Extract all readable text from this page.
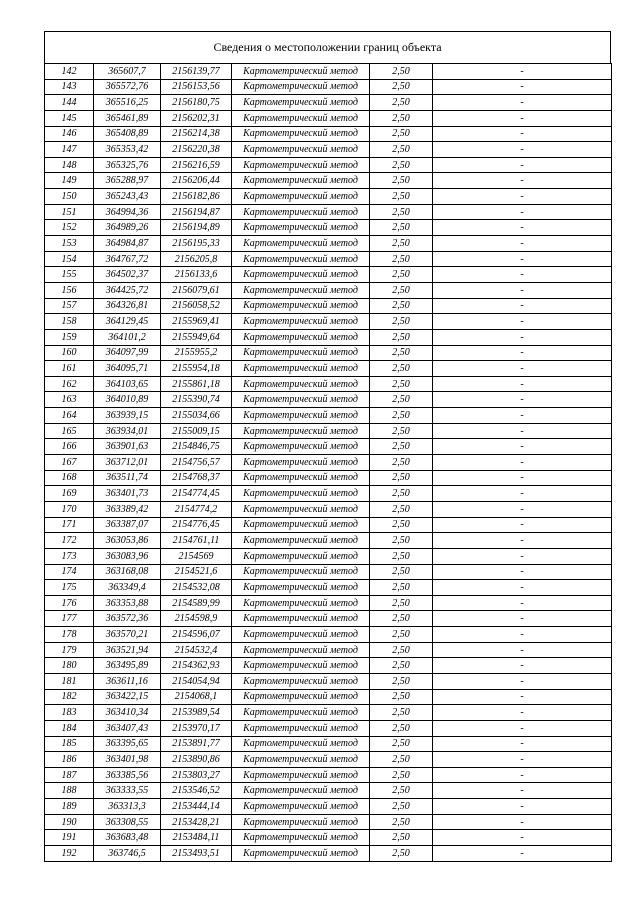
Сведения о местоположении границ объекта
142	365607,7	2156139,77	Картометрический метод	2,50	-
143	365572,76	2156153,56	Картометрический метод	2,50	-
144	365516,25	2156180,75	Картометрический метод	2,50	-
145	365461,89	2156202,31	Картометрический метод	2,50	-
146	365408,89	2156214,38	Картометрический метод	2,50	-
147	365353,42	2156220,38	Картометрический метод	2,50	-
148	365325,76	2156216,59	Картометрический метод	2,50	-
149	365288,97	2156206,44	Картометрический метод	2,50	-
150	365243,43	2156182,86	Картометрический метод	2,50	-
151	364994,36	2156194,87	Картометрический метод	2,50	-
152	364989,26	2156194,89	Картометрический метод	2,50	-
153	364984,87	2156195,33	Картометрический метод	2,50	-
154	364767,72	2156205,8	Картометрический метод	2,50	-
155	364502,37	2156133,6	Картометрический метод	2,50	-
156	364425,72	2156079,61	Картометрический метод	2,50	-
157	364326,81	2156058,52	Картометрический метод	2,50	-
158	364129,45	2155969,41	Картометрический метод	2,50	-
159	364101,2	2155949,64	Картометрический метод	2,50	-
160	364097,99	2155955,2	Картометрический метод	2,50	-
161	364095,71	2155954,18	Картометрический метод	2,50	-
162	364103,65	2155861,18	Картометрический метод	2,50	-
163	364010,89	2155390,74	Картометрический метод	2,50	-
164	363939,15	2155034,66	Картометрический метод	2,50	-
165	363934,01	2155009,15	Картометрический метод	2,50	-
166	363901,63	2154846,75	Картометрический метод	2,50	-
167	363712,01	2154756,57	Картометрический метод	2,50	-
168	363511,74	2154768,37	Картометрический метод	2,50	-
169	363401,73	2154774,45	Картометрический метод	2,50	-
170	363389,42	2154774,2	Картометрический метод	2,50	-
171	363387,07	2154776,45	Картометрический метод	2,50	-
172	363053,86	2154761,11	Картометрический метод	2,50	-
173	363083,96	2154569	Картометрический метод	2,50	-
174	363168,08	2154521,6	Картометрический метод	2,50	-
175	363349,4	2154532,08	Картометрический метод	2,50	-
176	363353,88	2154589,99	Картометрический метод	2,50	-
177	363572,36	2154598,9	Картометрический метод	2,50	-
178	363570,21	2154596,07	Картометрический метод	2,50	-
179	363521,94	2154532,4	Картометрический метод	2,50	-
180	363495,89	2154362,93	Картометрический метод	2,50	-
181	363611,16	2154054,94	Картометрический метод	2,50	-
182	363422,15	2154068,1	Картометрический метод	2,50	-
183	363410,34	2153989,54	Картометрический метод	2,50	-
184	363407,43	2153970,17	Картометрический метод	2,50	-
185	363395,65	2153891,77	Картометрический метод	2,50	-
186	363401,98	2153890,86	Картометрический метод	2,50	-
187	363385,56	2153803,27	Картометрический метод	2,50	-
188	363333,55	2153546,52	Картометрический метод	2,50	-
189	363313,3	2153444,14	Картометрический метод	2,50	-
190	363308,55	2153428,21	Картометрический метод	2,50	-
191	363683,48	2153484,11	Картометрический метод	2,50	-
192	363746,5	2153493,51	Картометрический метод	2,50	-
